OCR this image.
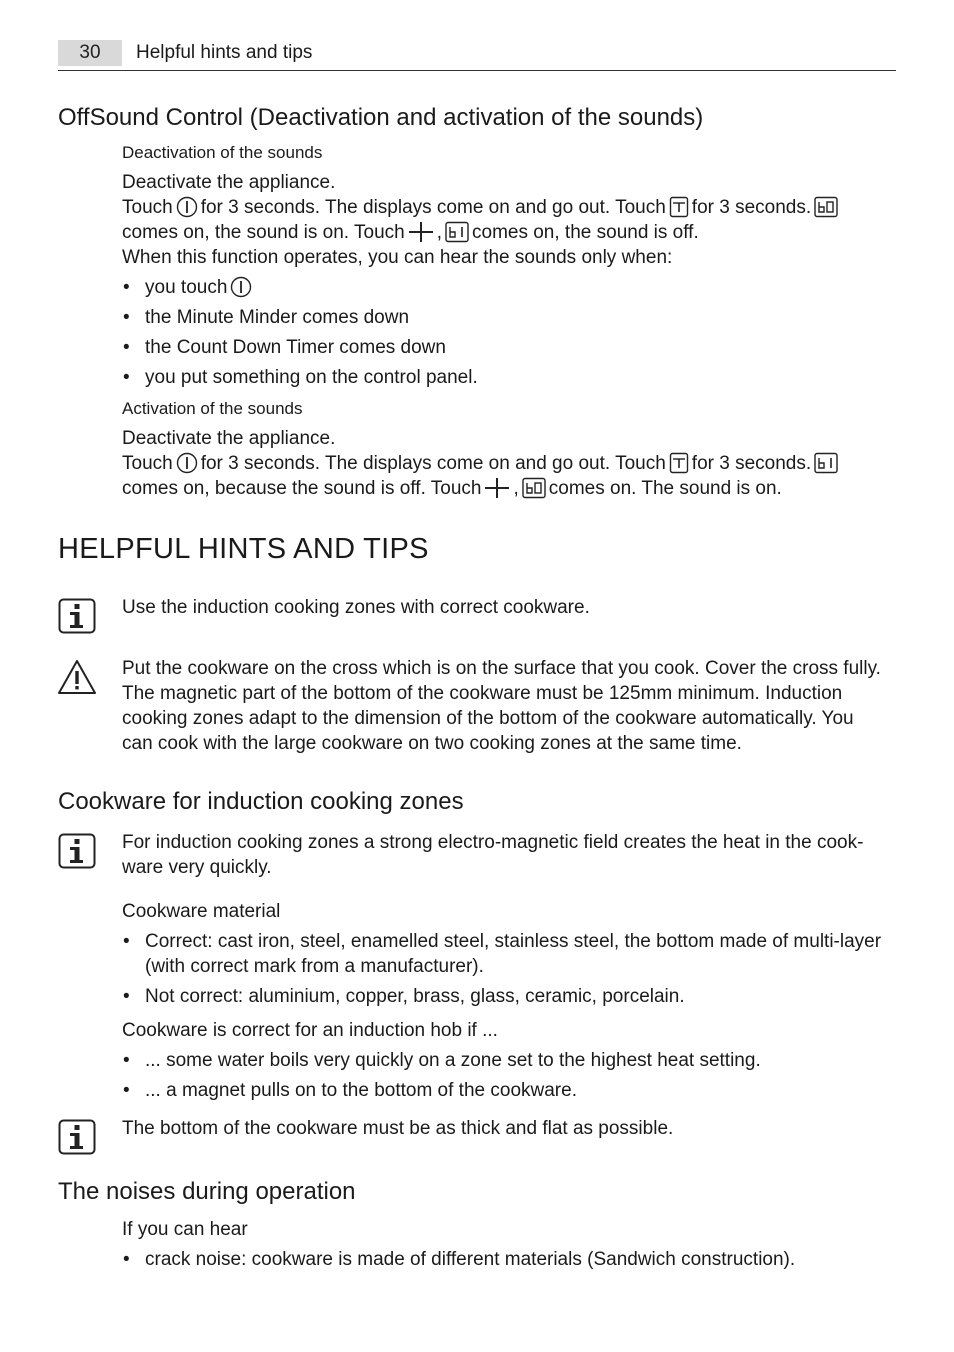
30	Helpful hints and tips
OffSound Control (Deactivation and activation of the sounds)
Deactivation of the sounds
Deactivate the appliance.
Touch for 3 seconds. The displays come on and go out. Touch for 3 seconds.
comes on, the sound is on. Touch , comes on, the sound is off.
When this function operates, you can hear the sounds only when:
• you touch
• the Minute Minder comes down
• the Count Down Timer comes down
• you put something on the control panel.
Activation of the sounds
Deactivate the appliance.
Touch for 3 seconds. The displays come on and go out. Touch for 3 seconds.
comes on, because the sound is off. Touch , comes on. The sound is on.
HELPFUL HINTS AND TIPS
Use the induction cooking zones with correct cookware.
Put the cookware on the cross which is on the surface that you cook. Cover the cross fully.
The magnetic part of the bottom of the cookware must be 125mm minimum. Induction
cooking zones adapt to the dimension of the bottom of the cookware automatically. You
can cook with the large cookware on two cooking zones at the same time.
Cookware for induction cooking zones
For induction cooking zones a strong electro-magnetic field creates the heat in the cook-
ware very quickly.
Cookware material
• Correct: cast iron, steel, enamelled steel, stainless steel, the bottom made of multi-layer
(with correct mark from a manufacturer).
• Not correct: aluminium, copper, brass, glass, ceramic, porcelain.
Cookware is correct for an induction hob if ...
• ... some water boils very quickly on a zone set to the highest heat setting.
• ... a magnet pulls on to the bottom of the cookware.
The bottom of the cookware must be as thick and flat as possible.
The noises during operation
If you can hear
• crack noise: cookware is made of different materials (Sandwich construction).
